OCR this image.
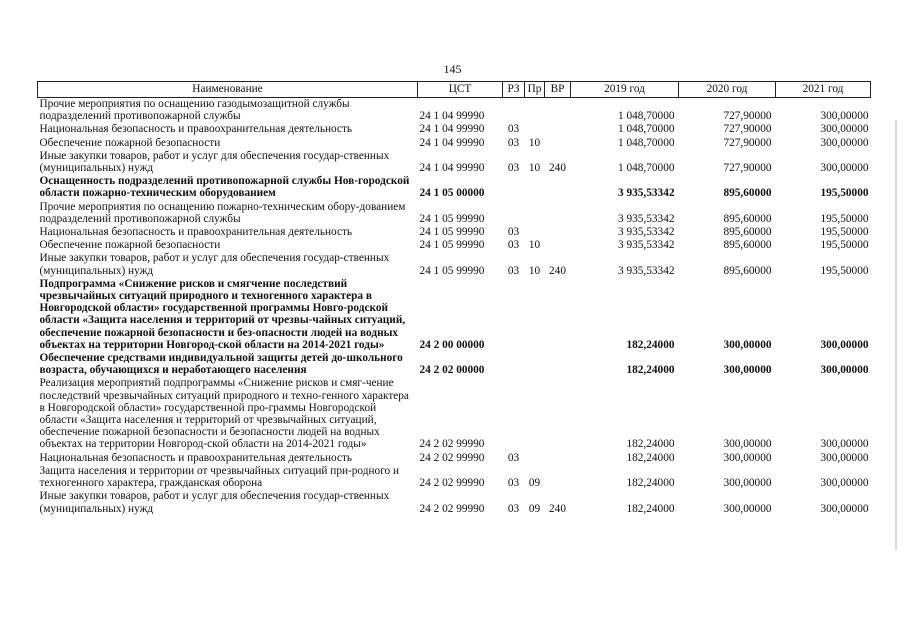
145
Наименование	ЦСТ	РЗ	Пр	ВР	2019 год	2020 год	2021 год
Прочие мероприятия по оснащению газодымозащитной службы подразделений противопожарной службы	24 1 04 99990				1 048,70000	727,90000	300,00000
Национальная безопасность и правоохранительная деятельность	24 1 04 99990	03			1 048,70000	727,90000	300,00000
Обеспечение пожарной безопасности	24 1 04 99990	03	10		1 048,70000	727,90000	300,00000
Иные закупки товаров, работ и услуг для обеспечения государ-ственных (муниципальных) нужд	24 1 04 99990	03	10	240	1 048,70000	727,90000	300,00000
Оснащенность подразделений противопожарной службы Нов-городской области пожарно-техническим оборудованием	24 1 05 00000				3 935,53342	895,60000	195,50000
Прочие мероприятия по оснащению пожарно-техническим обору-дованием подразделений противопожарной службы	24 1 05 99990				3 935,53342	895,60000	195,50000
Национальная безопасность и правоохранительная деятельность	24 1 05 99990	03			3 935,53342	895,60000	195,50000
Обеспечение пожарной безопасности	24 1 05 99990	03	10		3 935,53342	895,60000	195,50000
Иные закупки товаров, работ и услуг для обеспечения государ-ственных (муниципальных) нужд	24 1 05 99990	03	10	240	3 935,53342	895,60000	195,50000
Подпрограмма «Снижение рисков и смягчение последствий чрезвычайных ситуаций природного и техногенного характера в Новгородской области» государственной программы Новго-родской области «Защита населения и территорий от чрезвы-чайных ситуаций, обеспечение пожарной безопасности и без-опасности людей на водных объектах на территории Новгород-ской области на 2014-2021 годы»	24 2 00 00000				182,24000	300,00000	300,00000
Обеспечение средствами индивидуальной защиты детей до-школьного возраста, обучающихся и неработающего населения	24 2 02 00000				182,24000	300,00000	300,00000
Реализация мероприятий подпрограммы «Снижение рисков и смяг-чение последствий чрезвычайных ситуаций природного и техно-генного характера в Новгородской области» государственной про-граммы Новгородской области «Защита населения и территорий от чрезвычайных ситуаций, обеспечение пожарной безопасности и безопасности людей на водных объектах на территории Новгород-ской области на 2014-2021 годы»	24 2 02 99990				182,24000	300,00000	300,00000
Национальная безопасность и правоохранительная деятельность	24 2 02 99990	03			182,24000	300,00000	300,00000
Защита населения и территории от чрезвычайных ситуаций при-родного и техногенного характера, гражданская оборона	24 2 02 99990	03	09		182,24000	300,00000	300,00000
Иные закупки товаров, работ и услуг для обеспечения государ-ственных (муниципальных) нужд	24 2 02 99990	03	09	240	182,24000	300,00000	300,00000
